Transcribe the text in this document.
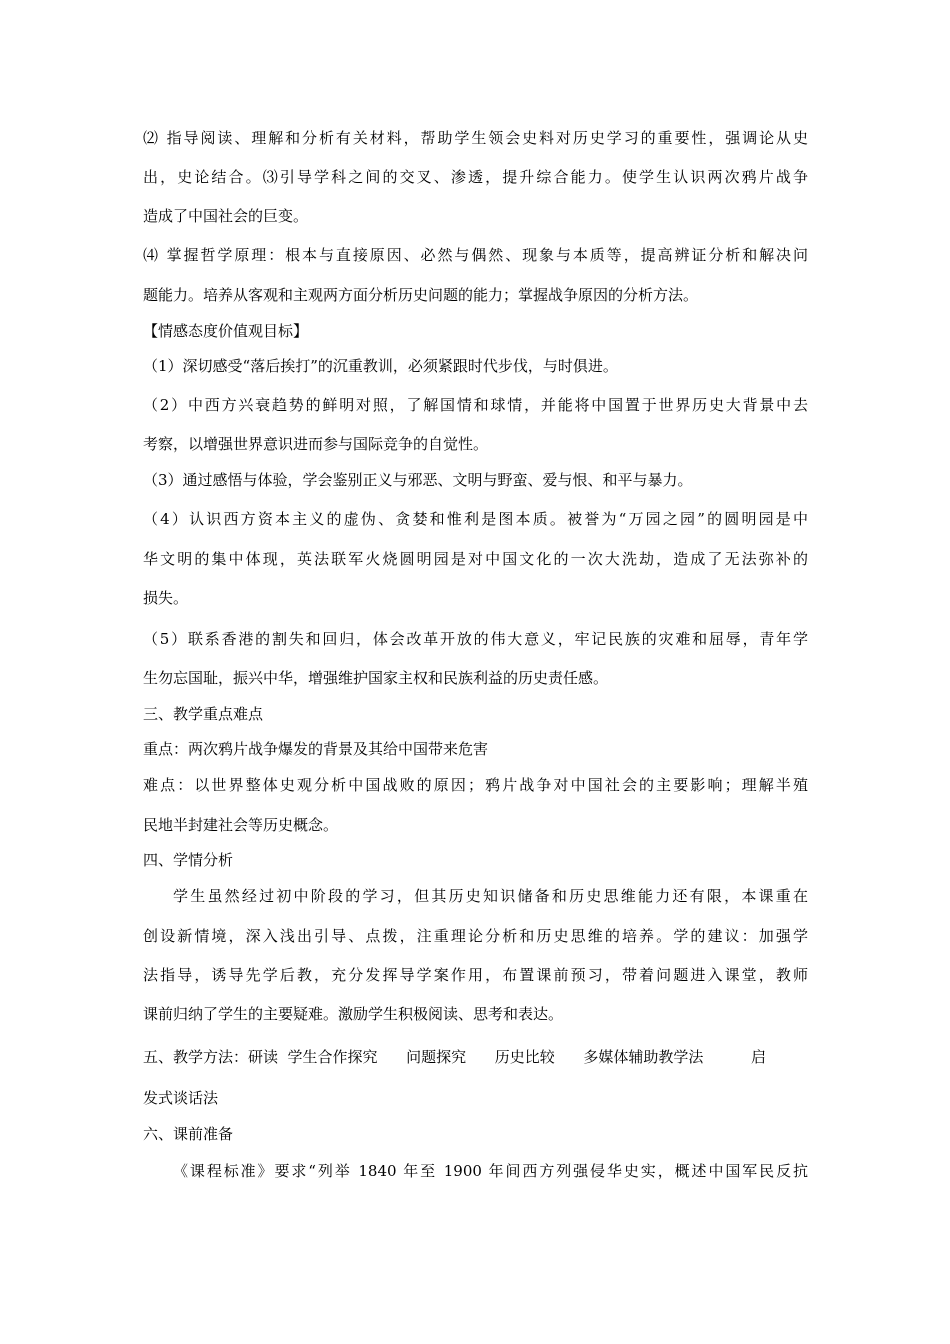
⑵ 指导阅读、理解和分析有关材料，帮助学生领会史料对历史学习的重要性，强调论从史
出，史论结合。⑶引导学科之间的交叉、渗透，提升综合能力。使学生认识两次鸦片战争
造成了中国社会的巨变。
⑷ 掌握哲学原理：根本与直接原因、必然与偶然、现象与本质等，提高辨证分析和解决问
题能力。培养从客观和主观两方面分析历史问题的能力；掌握战争原因的分析方法。
【情感态度价值观目标】
（1）深切感受“落后挨打”的沉重教训，必须紧跟时代步伐，与时俱进。
（2）中西方兴衰趋势的鲜明对照，了解国情和球情，并能将中国置于世界历史大背景中去
考察，以增强世界意识进而参与国际竞争的自觉性。
（3）通过感悟与体验，学会鉴别正义与邪恶、文明与野蛮、爱与恨、和平与暴力。
（4）认识西方资本主义的虚伪、贪婪和惟利是图本质。被誉为“万园之园”的圆明园是中
华文明的集中体现，英法联军火烧圆明园是对中国文化的一次大洗劫，造成了无法弥补的
损失。
（5）联系香港的割失和回归，体会改革开放的伟大意义，牢记民族的灾难和屈辱，青年学
生勿忘国耻，振兴中华，增强维护国家主权和民族利益的历史责任感。
三、教学重点难点
重点：两次鸦片战争爆发的背景及其给中国带来危害
难点：以世界整体史观分析中国战败的原因；鸦片战争对中国社会的主要影响；理解半殖
民地半封建社会等历史概念。
四、学情分析
学生虽然经过初中阶段的学习，但其历史知识储备和历史思维能力还有限，本课重在
创设新情境，深入浅出引导、点拨，注重理论分析和历史思维的培养。学的建议：加强学
法指导，诱导先学后教，充分发挥导学案作用，布置课前预习，带着问题进入课堂，教师
课前归纳了学生的主要疑难。激励学生积极阅读、思考和表达。
五、教学方法：研读  学生合作探究      问题探究      历史比较      多媒体辅助教学法          启
发式谈话法
六、课前准备
《课程标准》要求“列举 1840 年至 1900 年间西方列强侵华史实，概述中国军民反抗
